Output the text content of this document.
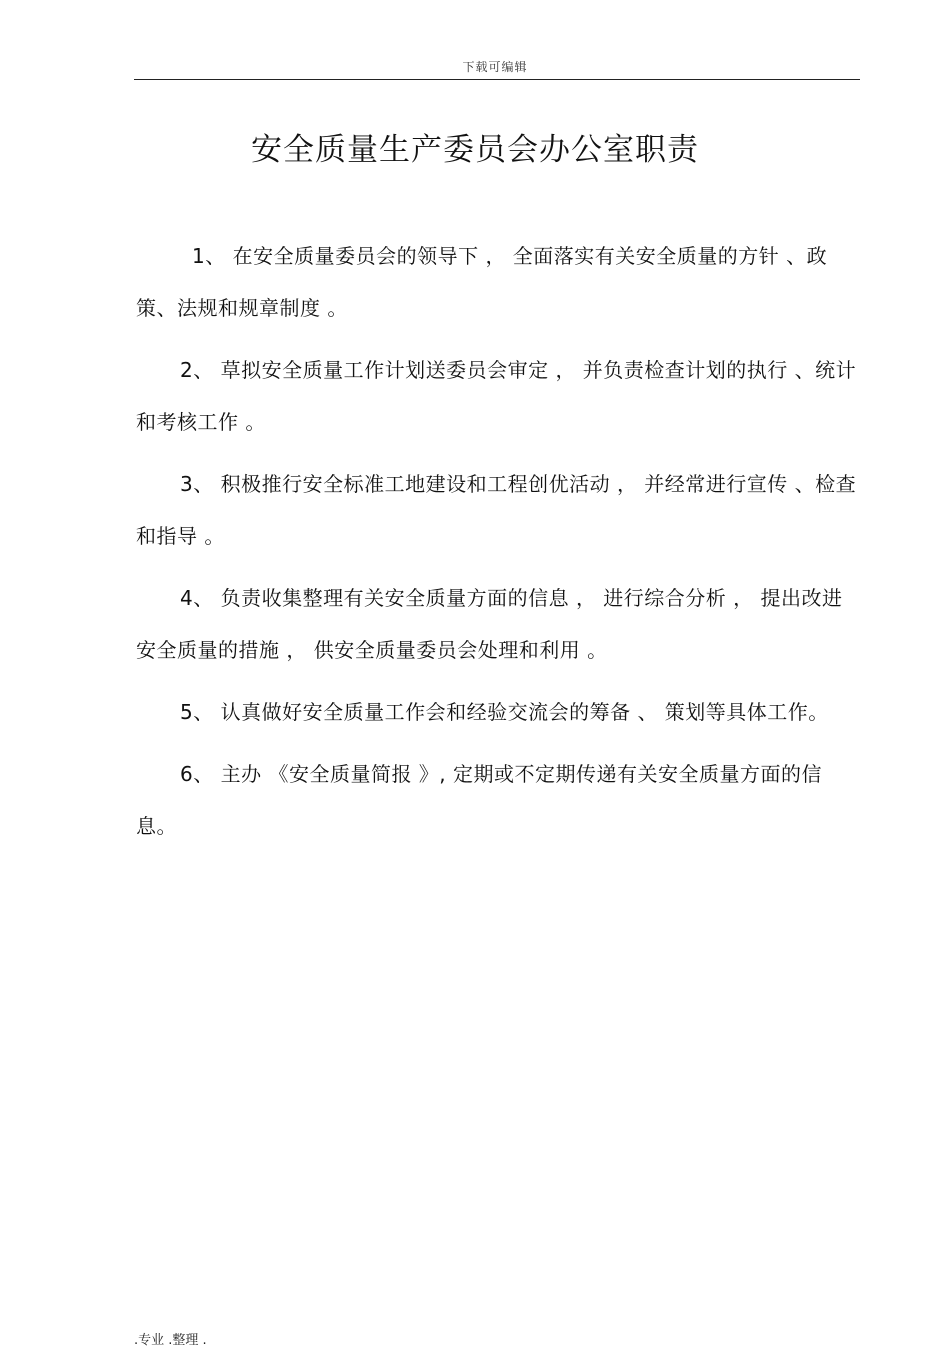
下载可编辑
安全质量生产委员会办公室职责

1、 在安全质量委员会的领导下 ， 全面落实有关安全质量的方针 、政策、法规和规章制度 。

2、 草拟安全质量工作计划送委员会审定 ， 并负责检查计划的执行 、统计和考核工作 。

3、 积极推行安全标准工地建设和工程创优活动 ， 并经常进行宣传 、检查和指导 。

4、 负责收集整理有关安全质量方面的信息 ， 进行综合分析 ， 提出改进安全质量的措施 ， 供安全质量委员会处理和利用 。

5、 认真做好安全质量工作会和经验交流会的筹备 、 策划等具体工作。

6、 主办 《安全质量简报 》, 定期或不定期传递有关安全质量方面的信息。

.专业 .整理 .
